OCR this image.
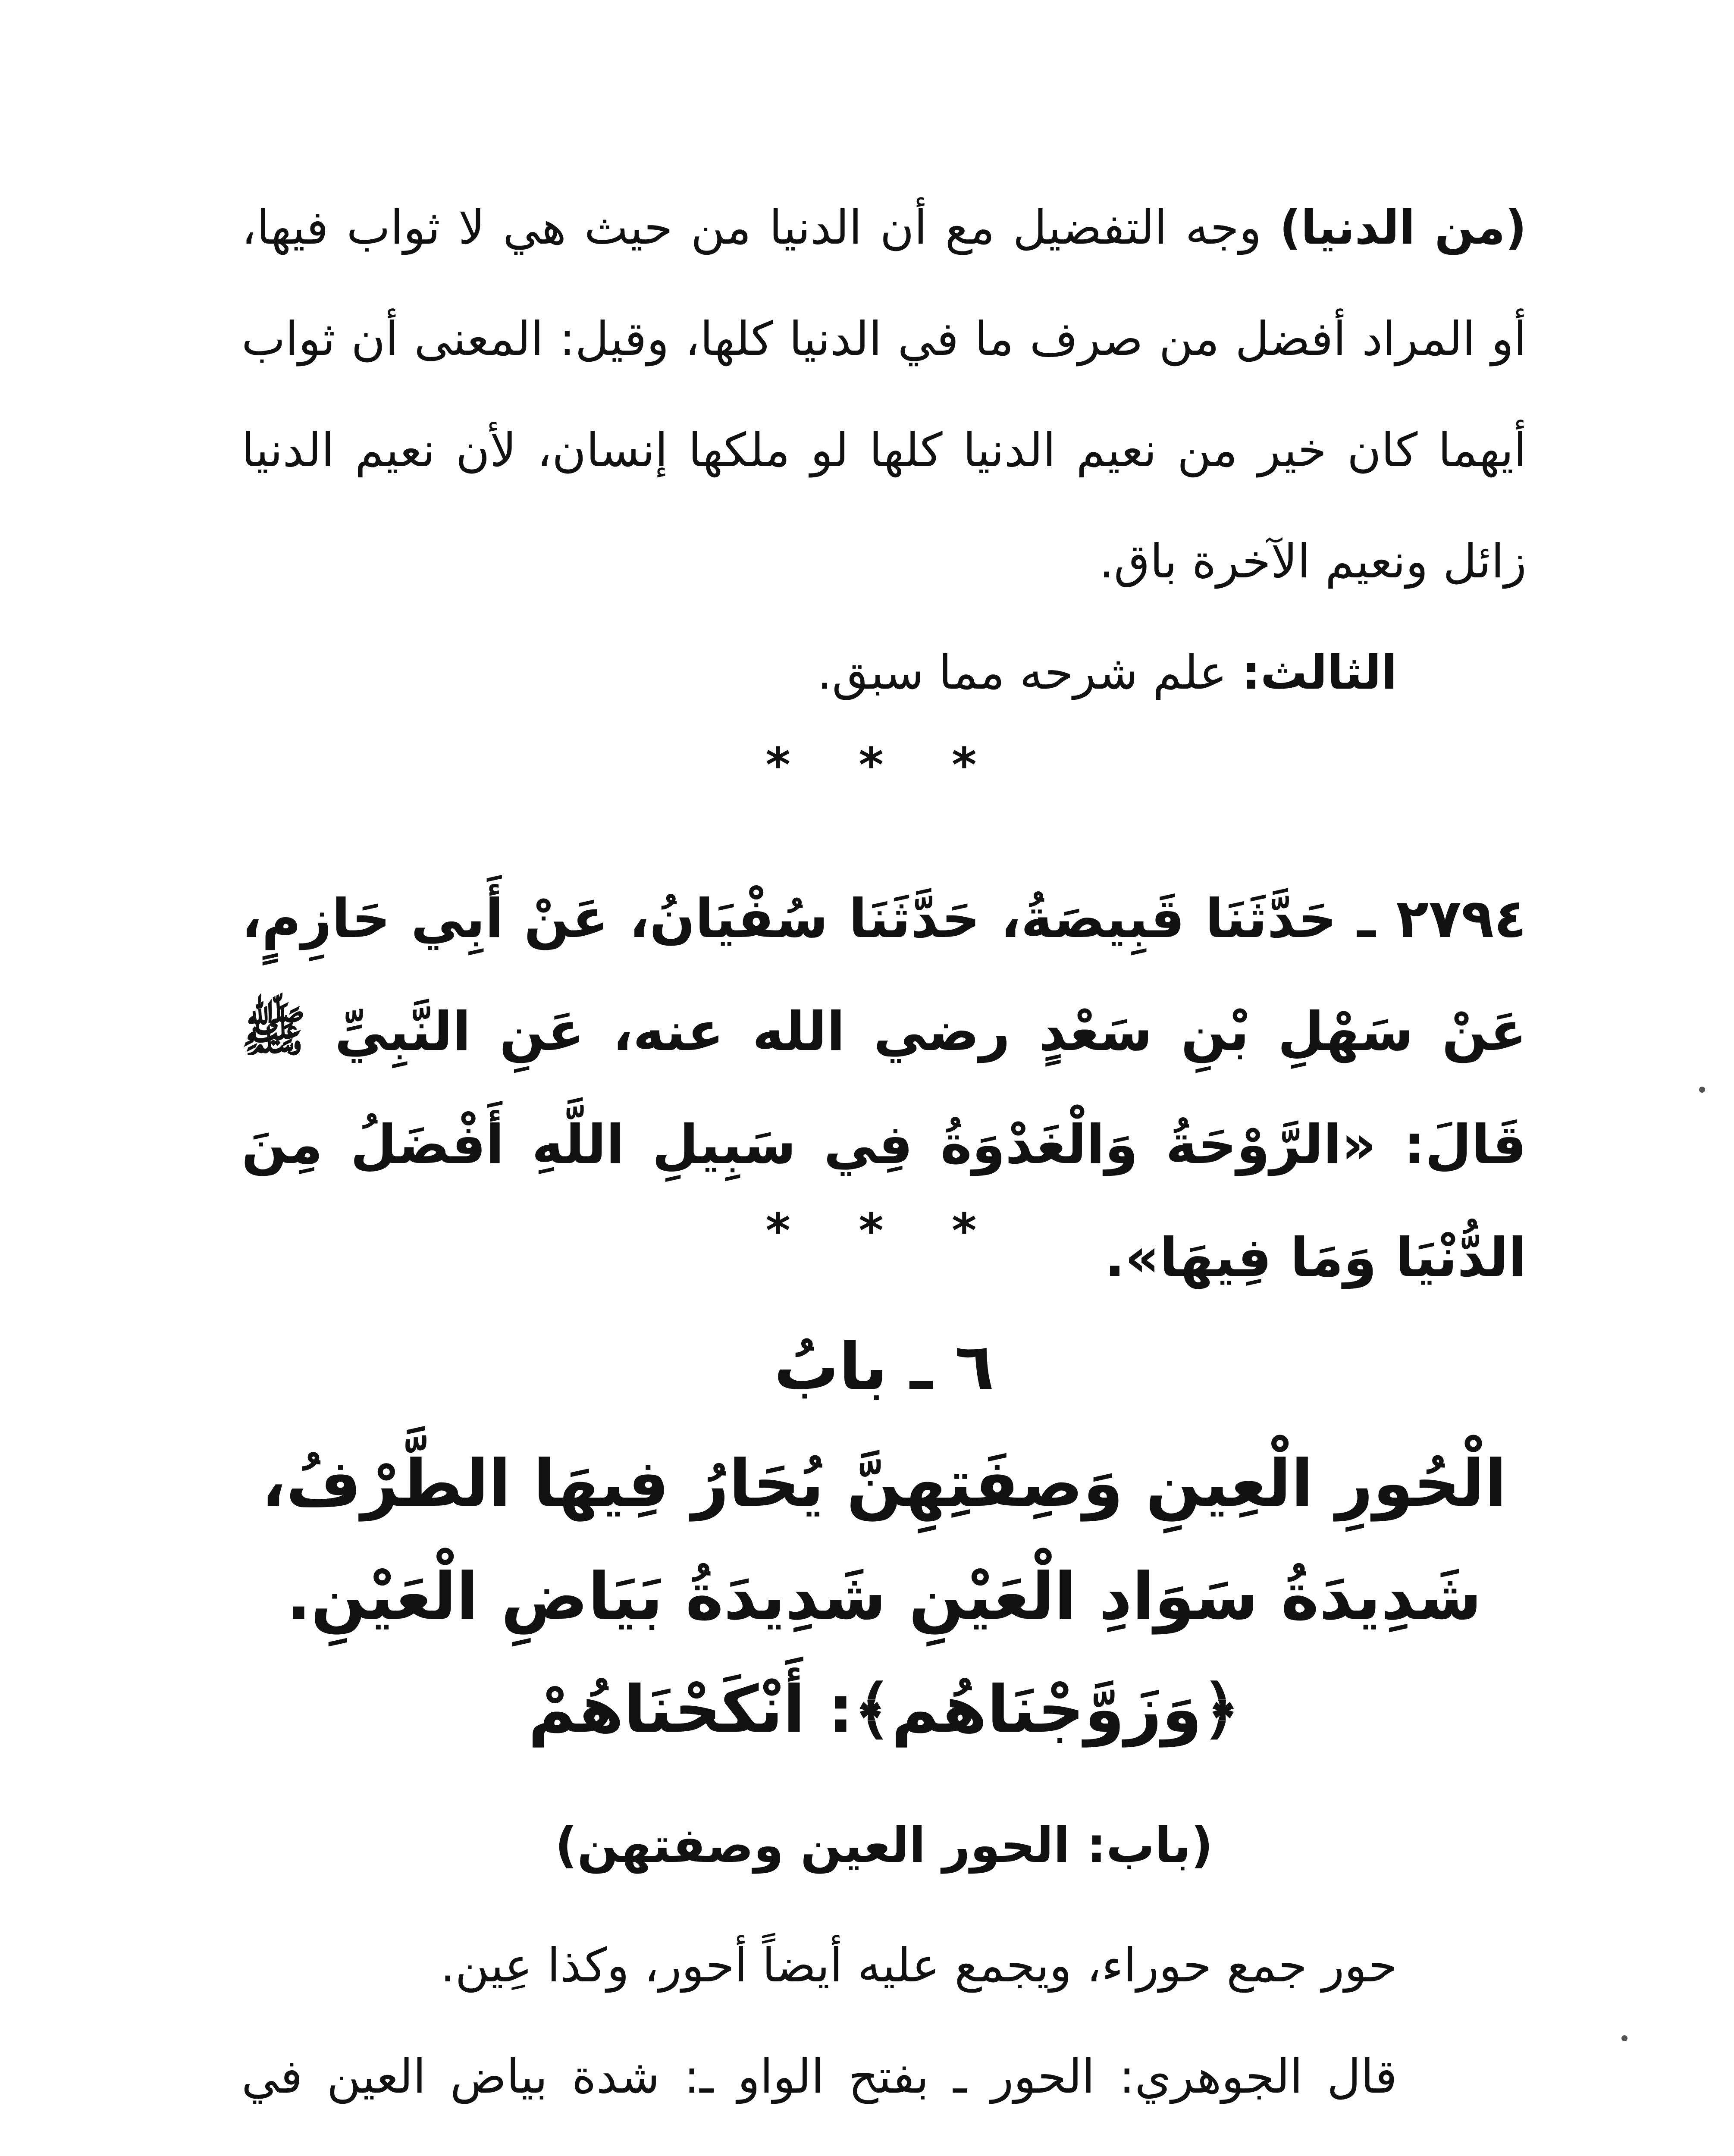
(من الدنيا) وجه التفضيل مع أن الدنيا من حيث هي لا ثواب فيها، أو المراد أفضل من صرف ما في الدنيا كلها، وقيل: المعنى أن ثواب أيهما كان خير من نعيم الدنيا كلها لو ملكها إنسان، لأن نعيم الدنيا زائل ونعيم الآخرة باق.

الثالث: علم شرحه مما سبق.

* * *

٢٧٩٤ ـ حَدَّثَنَا قَبِيصَةُ، حَدَّثَنَا سُفْيَانُ، عَنْ أَبِي حَازِمٍ، عَنْ سَهْلِ بْنِ سَعْدٍ رضي الله عنه، عَنِ النَّبِيِّ ﷺ قَالَ: «الرَّوْحَةُ وَالْغَدْوَةُ فِي سَبِيلِ اللَّهِ أَفْضَلُ مِنَ الدُّنْيَا وَمَا فِيهَا».

* * *
٦ ـ بابُ
الْحُورِ الْعِينِ وَصِفَتِهِنَّ يُحَارُ فِيهَا الطَّرْفُ،
شَدِيدَةُ سَوَادِ الْعَيْنِ شَدِيدَةُ بَيَاضِ الْعَيْنِ.
﴿وَزَوَّجْنَاهُم﴾: أَنْكَحْنَاهُمْ
(باب: الحور العين وصفتهن)

حور جمع حوراء، ويجمع عليه أيضاً أحور، وكذا عِين.

قال الجوهري: الحور ـ بفتح الواو ـ: شدة بياض العين في
